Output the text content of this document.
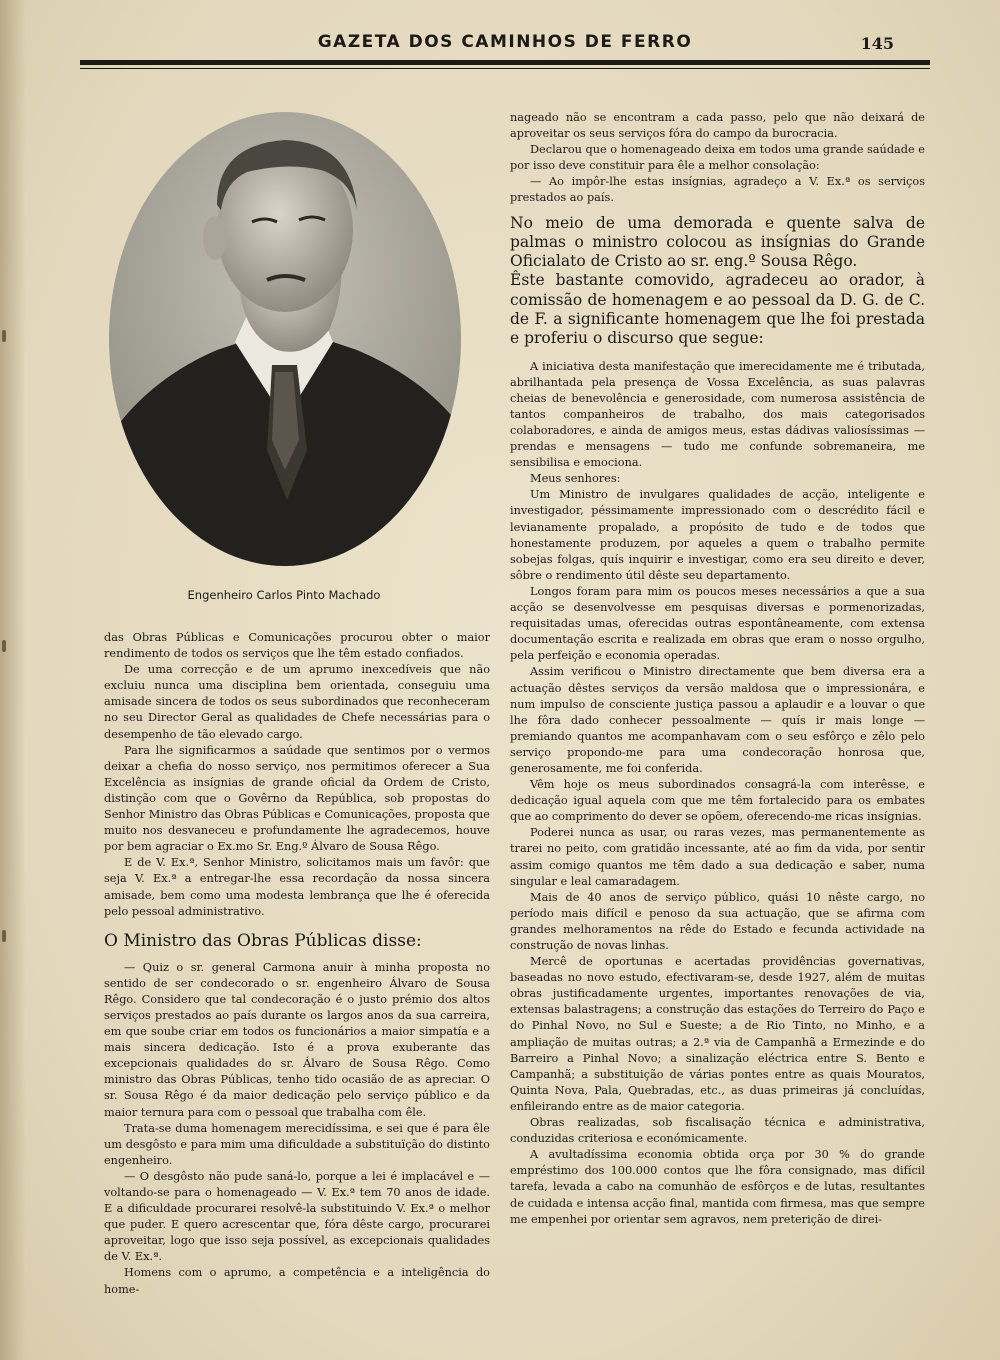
GAZETA DOS CAMINHOS DE FERRO	145
Engenheiro Carlos Pinto Machado

das Obras Públicas e Comunicações procurou obter o maior rendimento de todos os serviços que lhe têm estado confiados.

De uma correcção e de um aprumo inexcedíveis que não excluiu nunca uma disciplina bem orientada, conseguiu uma amisade sincera de todos os seus subordinados que reconheceram no seu Director Geral as qualidades de Chefe necessárias para o desempenho de tão elevado cargo.

Para lhe significarmos a saúdade que sentimos por o vermos deixar a chefia do nosso serviço, nos permitimos oferecer a Sua Excelência as insígnias de grande oficial da Ordem de Cristo, distinção com que o Govêrno da República, sob propostas do Senhor Ministro das Obras Públicas e Comunicações, proposta que muito nos desvaneceu e profundamente lhe agradecemos, houve por bem agraciar o Ex.mo Sr. Eng.º Álvaro de Sousa Rêgo.

E de V. Ex.ª, Senhor Ministro, solicitamos mais um favôr: que seja V. Ex.ª a entregar-lhe essa recordação da nossa sincera amisade, bem como uma modesta lembrança que lhe é oferecida pelo pessoal administrativo.

O Ministro das Obras Públicas disse:

— Quiz o sr. general Carmona anuir à minha proposta no sentido de ser condecorado o sr. engenheiro Álvaro de Sousa Rêgo. Considero que tal condecoração é o justo prémio dos altos serviços prestados ao país durante os largos anos da sua carreira, em que soube criar em todos os funcionários a maior simpatía e a mais sincera dedicação. Isto é a prova exuberante das excepcionais qualidades do sr. Álvaro de Sousa Rêgo. Como ministro das Obras Públicas, tenho tido ocasião de as apreciar. O sr. Sousa Rêgo é da maior dedicação pelo serviço público e da maior ternura para com o pessoal que trabalha com êle.

Trata-se duma homenagem merecidíssima, e sei que é para êle um desgôsto e para mim uma dificuldade a substituïção do distinto engenheiro.

— O desgôsto não pude saná-lo, porque a lei é implacável e — voltando-se para o homenageado — V. Ex.ª tem 70 anos de idade. E a dificuldade procurarei resolvê-la substituindo V. Ex.ª o melhor que puder. E quero acrescentar que, fóra dêste cargo, procurarei aproveitar, logo que isso seja possível, as excepcionais qualidades de V. Ex.ª.

Homens com o aprumo, a competência e a inteligência do home-

nageado não se encontram a cada passo, pelo que não deixará de aproveitar os seus serviços fóra do campo da burocracia.

Declarou que o homenageado deixa em todos uma grande saúdade e por isso deve constituir para êle a melhor consolação:

— Ao impôr-lhe estas insígnias, agradeço a V. Ex.ª os serviços prestados ao país.

No meio de uma demorada e quente salva de palmas o ministro colocou as insígnias do Grande Oficialato de Cristo ao sr. eng.º Sousa Rêgo.

Êste bastante comovido, agradeceu ao orador, à comissão de homenagem e ao pessoal da D. G. de C. de F. a significante homenagem que lhe foi prestada e proferiu o discurso que segue:

A iniciativa desta manifestação que imerecidamente me é tributada, abrilhantada pela presença de Vossa Excelência, as suas palavras cheias de benevolência e generosidade, com numerosa assistência de tantos companheiros de trabalho, dos mais categorisados colaboradores, e ainda de amigos meus, estas dádivas valiosíssimas — prendas e mensagens — tudo me confunde sobremaneira, me sensibilisa e emociona.

Meus senhores:

Um Ministro de invulgares qualidades de acção, inteligente e investigador, péssimamente impressionado com o descrédito fácil e levianamente propalado, a propósito de tudo e de todos que honestamente produzem, por aqueles a quem o trabalho permite sobejas folgas, quís inquirir e investigar, como era seu direito e dever, sôbre o rendimento útil dêste seu departamento.

Longos foram para mim os poucos meses necessários a que a sua acção se desenvolvesse em pesquisas diversas e pormenorizadas, requisitadas umas, oferecidas outras espontâneamente, com extensa documentação escrita e realizada em obras que eram o nosso orgulho, pela perfeição e economia operadas.

Assim verificou o Ministro directamente que bem diversa era a actuação dêstes serviços da versão maldosa que o impressionára, e num impulso de consciente justiça passou a aplaudir e a louvar o que lhe fôra dado conhecer pessoalmente — quís ir mais longe — premiando quantos me acompanhavam com o seu esfôrço e zêlo pelo serviço propondo-me para uma condecoração honrosa que, generosamente, me foi conferida.

Vêm hoje os meus subordinados consagrá-la com interêsse, e dedicação igual aquela com que me têm fortalecido para os embates que ao comprimento do dever se opõem, oferecendo-me ricas insígnias.

Poderei nunca as usar, ou raras vezes, mas permanentemente as trarei no peito, com gratidão incessante, até ao fim da vida, por sentir assim comigo quantos me têm dado a sua dedicação e saber, numa singular e leal camaradagem.

Mais de 40 anos de serviço público, quási 10 nêste cargo, no período mais difícil e penoso da sua actuação, que se afirma com grandes melhoramentos na rêde do Estado e fecunda actividade na construção de novas linhas.

Mercê de oportunas e acertadas providências governativas, baseadas no novo estudo, efectivaram-se, desde 1927, além de muitas obras justificadamente urgentes, importantes renovações de via, extensas balastragens; a construção das estações do Terreiro do Paço e do Pinhal Novo, no Sul e Sueste; a de Rio Tinto, no Minho, e a ampliação de muitas outras; a 2.ª via de Campanhã a Ermezinde e do Barreiro a Pinhal Novo; a sinalização eléctrica entre S. Bento e Campanhã; a substituição de várias pontes entre as quais Mouratos, Quinta Nova, Pala, Quebradas, etc., as duas primeiras já concluídas, enfileirando entre as de maior categoria.

Obras realizadas, sob fiscalisação técnica e administrativa, conduzidas criteriosa e económicamente.

A avultadíssima economia obtida orça por 30 % do grande empréstimo dos 100.000 contos que lhe fôra consignado, mas difícil tarefa, levada a cabo na comunhão de esfôrços e de lutas, resultantes de cuidada e intensa acção final, mantida com firmesa, mas que sempre me empenhei por orientar sem agravos, nem preterição de direi-
